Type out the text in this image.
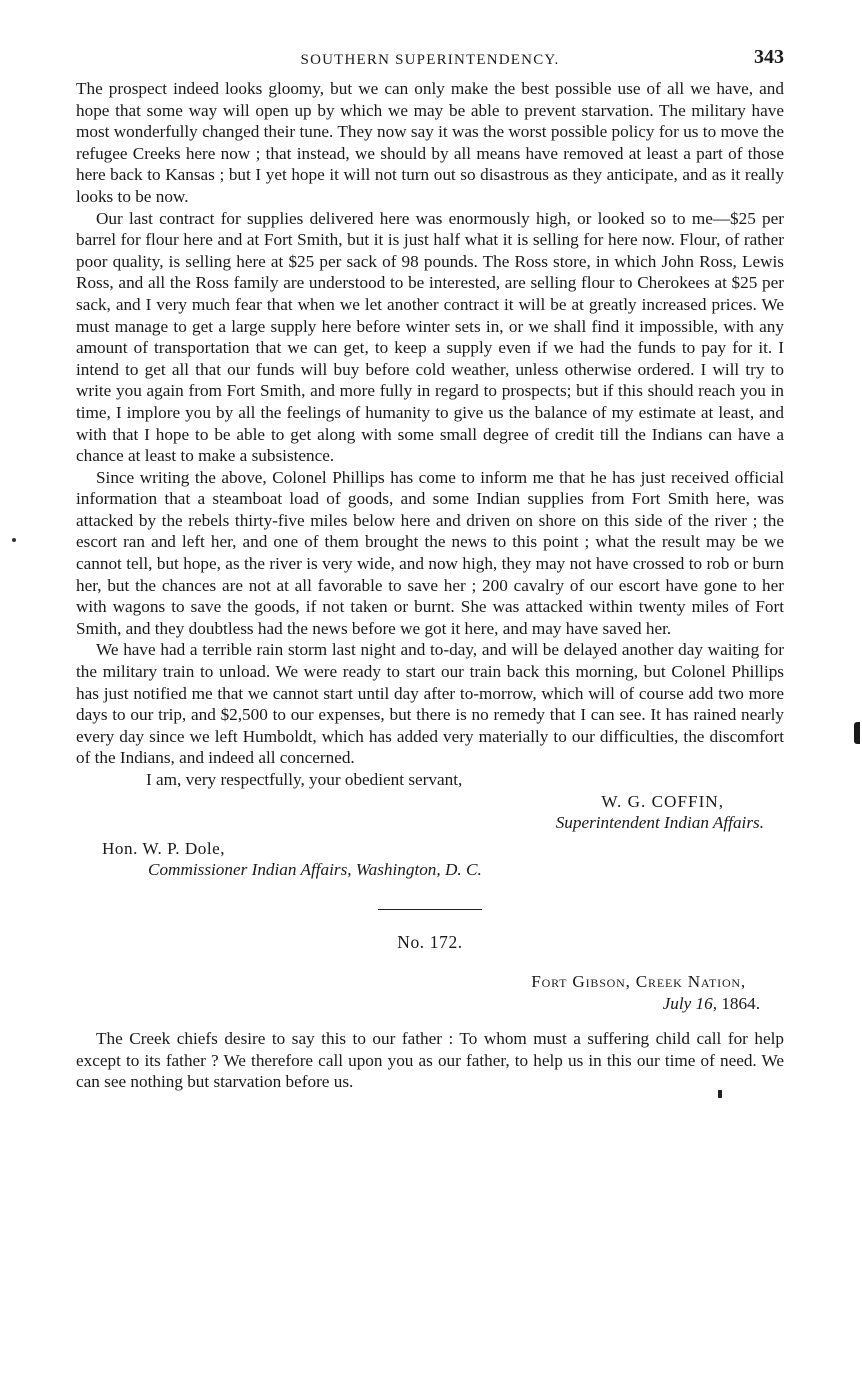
SOUTHERN SUPERINTENDENCY.	343

The prospect indeed looks gloomy, but we can only make the best possible use of all we have, and hope that some way will open up by which we may be able to prevent starvation. The military have most wonderfully changed their tune. They now say it was the worst possible policy for us to move the refugee Creeks here now ; that instead, we should by all means have removed at least a part of those here back to Kansas ; but I yet hope it will not turn out so disastrous as they anticipate, and as it really looks to be now.

Our last contract for supplies delivered here was enormously high, or looked so to me—$25 per barrel for flour here and at Fort Smith, but it is just half what it is selling for here now. Flour, of rather poor quality, is selling here at $25 per sack of 98 pounds. The Ross store, in which John Ross, Lewis Ross, and all the Ross family are understood to be interested, are selling flour to Cherokees at $25 per sack, and I very much fear that when we let another contract it will be at greatly increased prices. We must manage to get a large supply here before winter sets in, or we shall find it impossible, with any amount of transportation that we can get, to keep a supply even if we had the funds to pay for it. I intend to get all that our funds will buy before cold weather, unless otherwise ordered. I will try to write you again from Fort Smith, and more fully in regard to prospects; but if this should reach you in time, I implore you by all the feelings of humanity to give us the balance of my estimate at least, and with that I hope to be able to get along with some small degree of credit till the Indians can have a chance at least to make a subsistence.

Since writing the above, Colonel Phillips has come to inform me that he has just received official information that a steamboat load of goods, and some Indian supplies from Fort Smith here, was attacked by the rebels thirty-five miles below here and driven on shore on this side of the river ; the escort ran and left her, and one of them brought the news to this point ; what the result may be we cannot tell, but hope, as the river is very wide, and now high, they may not have crossed to rob or burn her, but the chances are not at all favorable to save her ; 200 cavalry of our escort have gone to her with wagons to save the goods, if not taken or burnt. She was attacked within twenty miles of Fort Smith, and they doubtless had the news before we got it here, and may have saved her.

We have had a terrible rain storm last night and to-day, and will be delayed another day waiting for the military train to unload. We were ready to start our train back this morning, but Colonel Phillips has just notified me that we cannot start until day after to-morrow, which will of course add two more days to our trip, and $2,500 to our expenses, but there is no remedy that I can see. It has rained nearly every day since we left Humboldt, which has added very materially to our difficulties, the discomfort of the Indians, and indeed all concerned.

I am, very respectfully, your obedient servant,
W. G. COFFIN,
Superintendent Indian Affairs.
Hon. W. P. Dole,
Commissioner Indian Affairs, Washington, D. C.
No. 172.
Fort Gibson, Creek Nation,
July 16, 1864.

The Creek chiefs desire to say this to our father : To whom must a suffering child call for help except to its father ? We therefore call upon you as our father, to help us in this our time of need. We can see nothing but starvation before us.
